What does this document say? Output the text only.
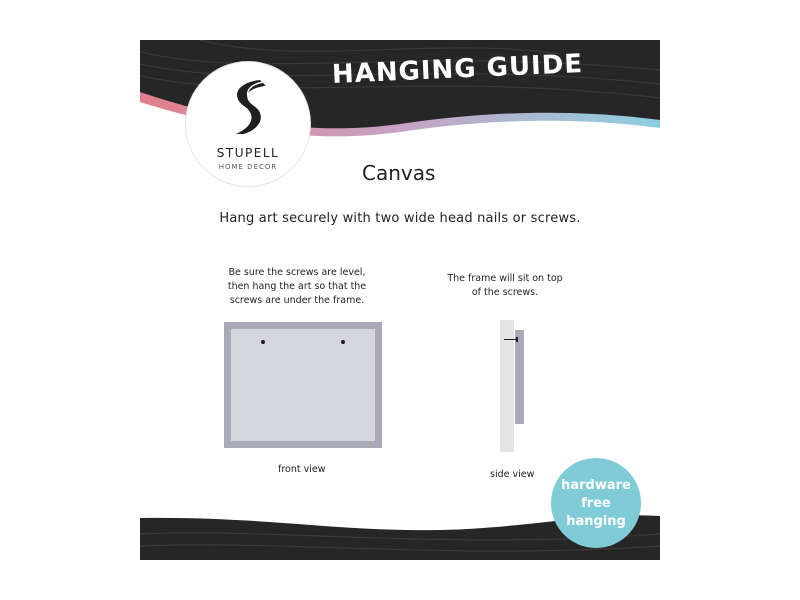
STUPELL
HOME DECOR
HANGING GUIDE
Canvas
Hang art securely with two wide head nails or screws.
Be sure the screws are level,
then hang the art so that the
screws are under the frame.
The frame will sit on top
of the screws.
front view	side view
hardware
free
hanging
